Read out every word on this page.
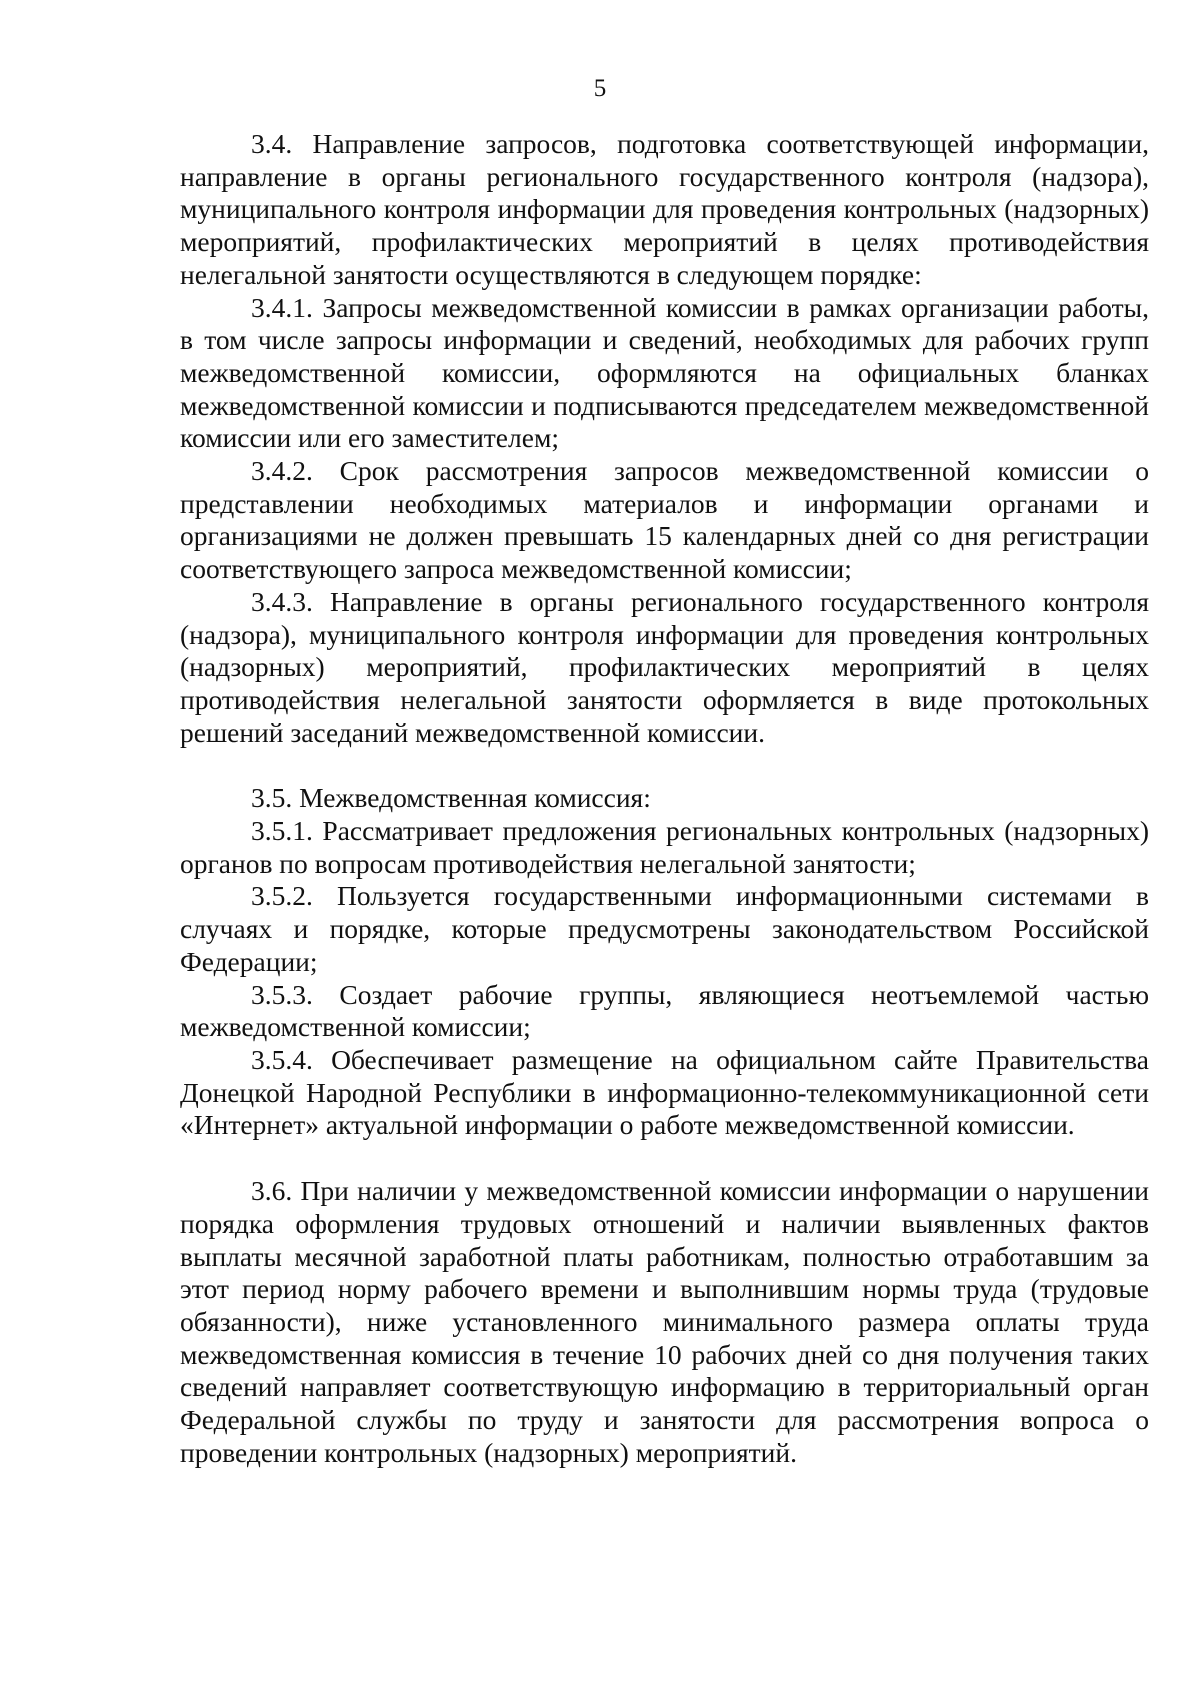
5

3.4. Направление запросов, подготовка соответствующей информации, направление в органы регионального государственного контроля (надзора), муниципального контроля информации для проведения контрольных (надзорных) мероприятий, профилактических мероприятий в целях противодействия нелегальной занятости осуществляются в следующем порядке:

3.4.1. Запросы межведомственной комиссии в рамках организации работы, в том числе запросы информации и сведений, необходимых для рабочих групп межведомственной комиссии, оформляются на официальных бланках межведомственной комиссии и подписываются председателем межведомственной комиссии или его заместителем;

3.4.2. Срок рассмотрения запросов межведомственной комиссии о представлении необходимых материалов и информации органами и организациями не должен превышать 15 календарных дней со дня регистрации соответствующего запроса межведомственной комиссии;

3.4.3. Направление в органы регионального государственного контроля (надзора), муниципального контроля информации для проведения контрольных (надзорных) мероприятий, профилактических мероприятий в целях противодействия нелегальной занятости оформляется в виде протокольных решений заседаний межведомственной комиссии.

3.5. Межведомственная комиссия:

3.5.1. Рассматривает предложения региональных контрольных (надзорных) органов по вопросам противодействия нелегальной занятости;

3.5.2. Пользуется государственными информационными системами в случаях и порядке, которые предусмотрены законодательством Российской Федерации;

3.5.3. Создает рабочие группы, являющиеся неотъемлемой частью межведомственной комиссии;

3.5.4. Обеспечивает размещение на официальном сайте Правительства Донецкой Народной Республики в информационно-телекоммуникационной сети «Интернет» актуальной информации о работе межведомственной комиссии.

3.6. При наличии у межведомственной комиссии информации о нарушении порядка оформления трудовых отношений и наличии выявленных фактов выплаты месячной заработной платы работникам, полностью отработавшим за этот период норму рабочего времени и выполнившим нормы труда (трудовые обязанности), ниже установленного минимального размера оплаты труда межведомственная комиссия в течение 10 рабочих дней со дня получения таких сведений направляет соответствующую информацию в территориальный орган Федеральной службы по труду и занятости для рассмотрения вопроса о проведении контрольных (надзорных) мероприятий.
